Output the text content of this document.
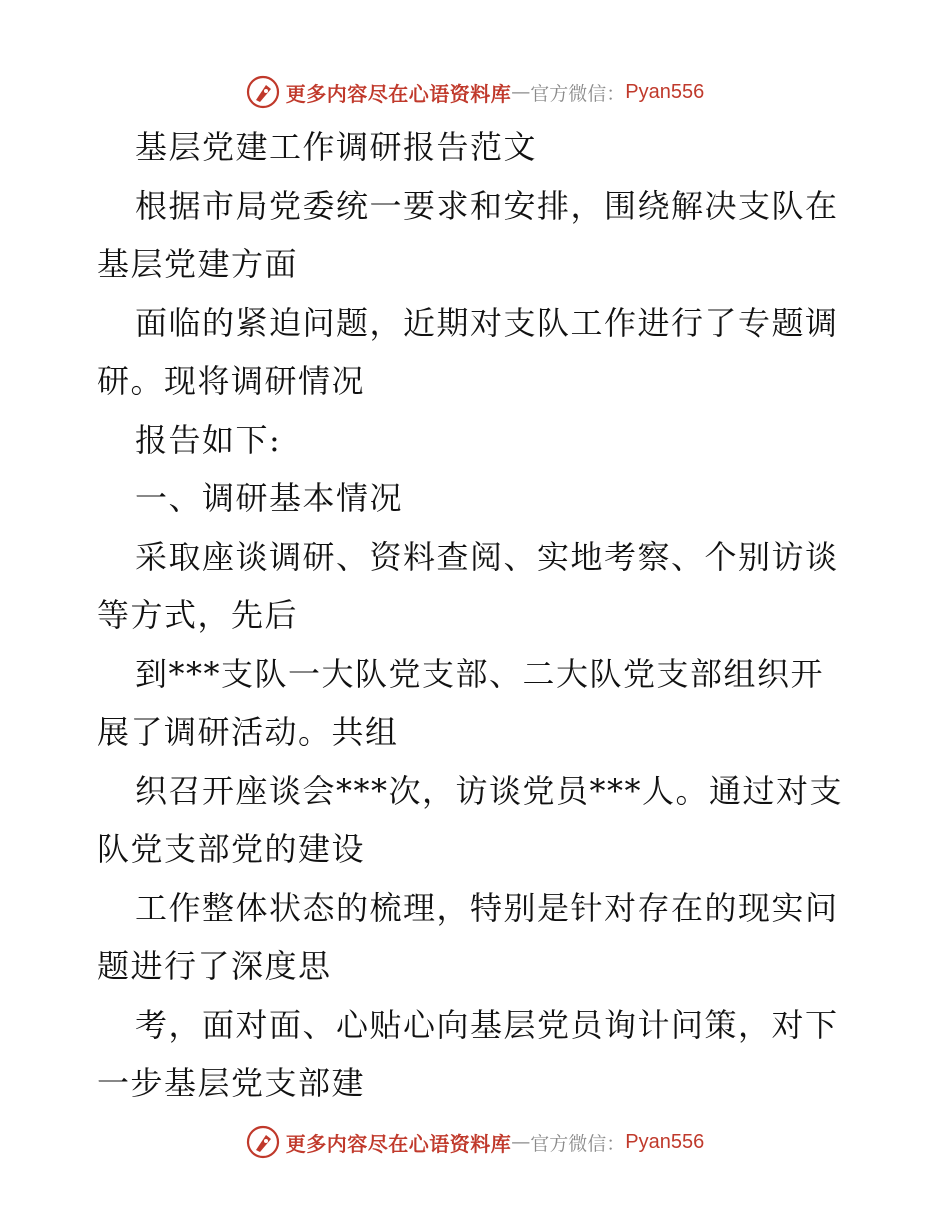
更多内容尽在心语资料库 — 官方微信： Pyan556

基层党建工作调研报告范文

根据市局党委统一要求和安排，围绕解决支队在基层党建方面

面临的紧迫问题，近期对支队工作进行了专题调研。现将调研情况

报告如下:

一、调研基本情况

采取座谈调研、资料查阅、实地考察、个别访谈等方式，先后

到***支队一大队党支部、二大队党支部组织开展了调研活动。共组

织召开座谈会***次，访谈党员***人。通过对支队党支部党的建设

工作整体状态的梳理，特别是针对存在的现实问题进行了深度思

考，面对面、心贴心向基层党员询计问策，对下一步基层党支部建

更多内容尽在心语资料库 — 官方微信： Pyan556
